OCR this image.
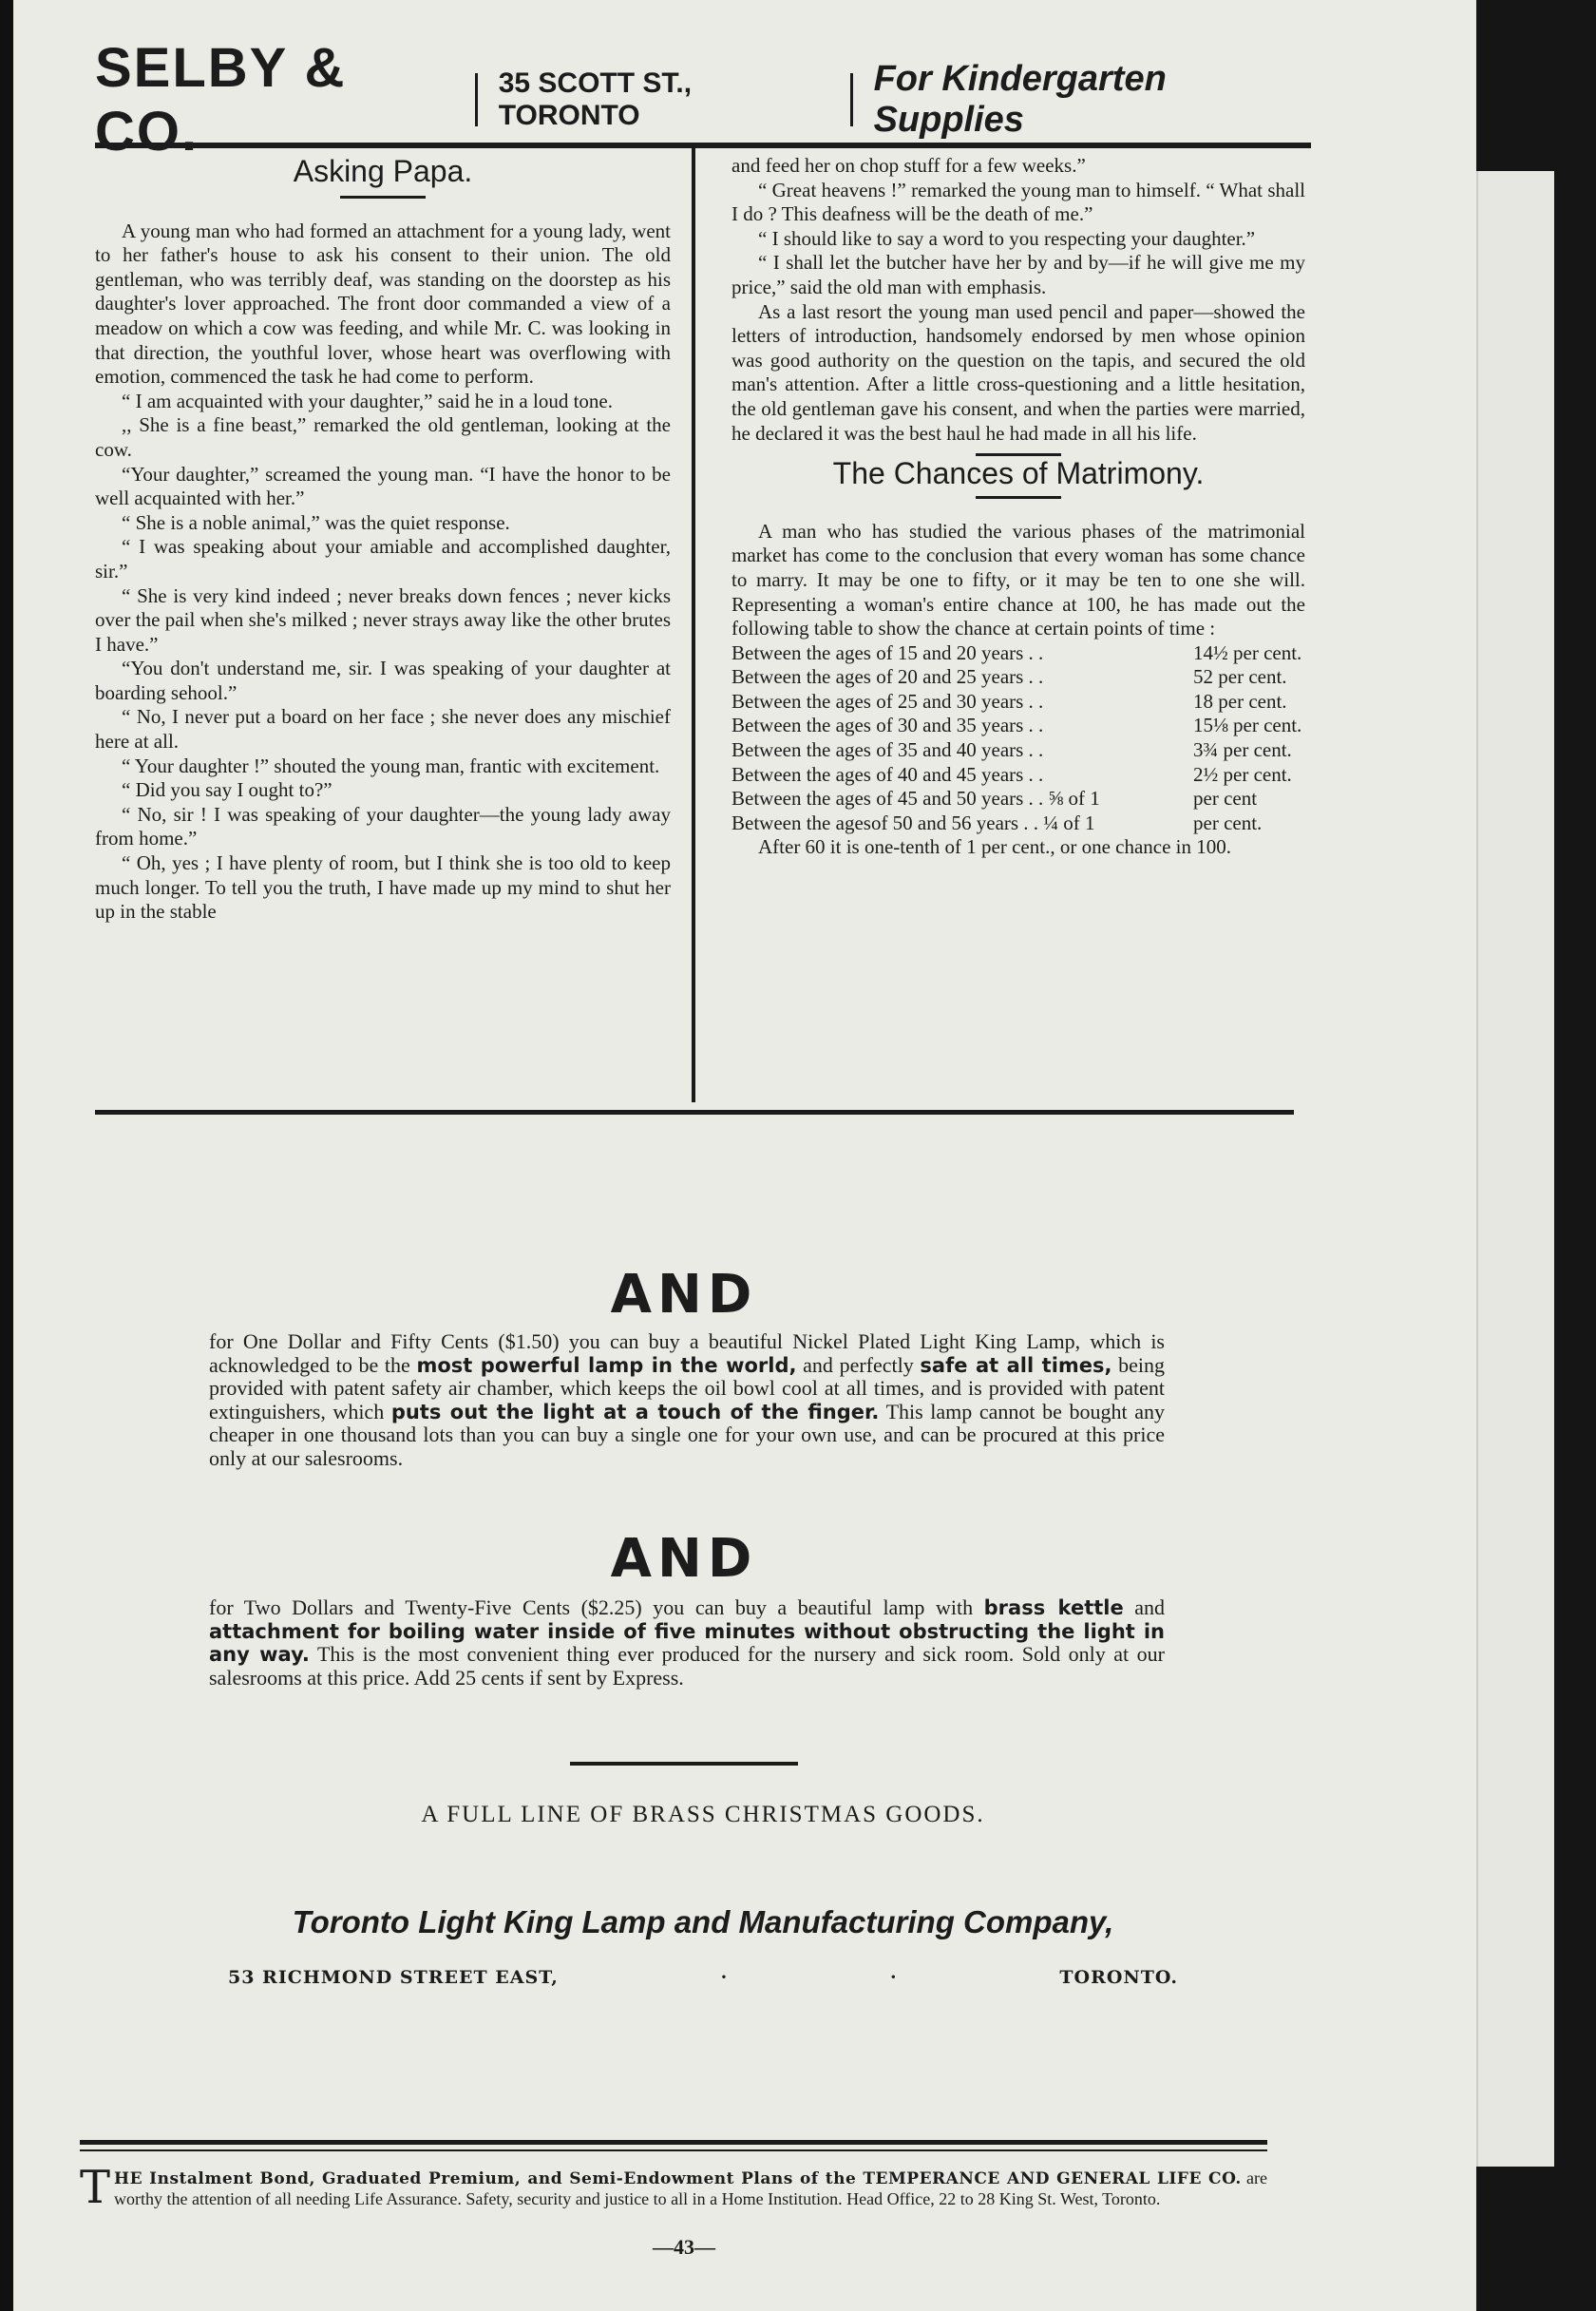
SELBY & CO.
35 SCOTT ST., TORONTO
For Kindergarten Supplies
Asking Papa.

A young man who had formed an attachment for a young lady, went to her father's house to ask his consent to their union. The old gentleman, who was terribly deaf, was standing on the doorstep as his daughter's lover approached. The front door commanded a view of a meadow on which a cow was feeding, and while Mr. C. was looking in that direction, the youthful lover, whose heart was overflowing with emotion, commenced the task he had come to perform.

“ I am acquainted with your daughter,” said he in a loud tone.

,, She is a fine beast,” remarked the old gentleman, looking at the cow.

“Your daughter,” screamed the young man. “I have the honor to be well acquainted with her.”

“ She is a noble animal,” was the quiet response.

“ I was speaking about your amiable and accomplished daughter, sir.”

“ She is very kind indeed ; never breaks down fences ; never kicks over the pail when she's milked ; never strays away like the other brutes I have.”

“You don't understand me, sir. I was speaking of your daughter at boarding sehool.”

“ No, I never put a board on her face ; she never does any mischief here at all.

“ Your daughter !” shouted the young man, frantic with excitement.

“ Did you say I ought to?”

“ No, sir ! I was speaking of your daughter—the young lady away from home.”

“ Oh, yes ; I have plenty of room, but I think she is too old to keep much longer. To tell you the truth, I have made up my mind to shut her up in the stable

and feed her on chop stuff for a few weeks.”

“ Great heavens !” remarked the young man to himself. “ What shall I do ? This deafness will be the death of me.”

“ I should like to say a word to you respecting your daughter.”

“ I shall let the butcher have her by and by—if he will give me my price,” said the old man with emphasis.

As a last resort the young man used pencil and paper—showed the letters of introduction, handsomely endorsed by men whose opinion was good authority on the question on the tapis, and secured the old man's attention. After a little cross-questioning and a little hesitation, the old gentleman gave his consent, and when the parties were married, he declared it was the best haul he had made in all his life.

The Chances of Matrimony.

A man who has studied the various phases of the matrimonial market has come to the conclusion that every woman has some chance to marry. It may be one to fifty, or it may be ten to one she will. Representing a woman's entire chance at 100, he has made out the following table to show the chance at certain points of time :

Between the ages of 15 and 20 years . .	14½ per cent.
Between the ages of 20 and 25 years . .	52 per cent.
Between the ages of 25 and 30 years . .	18 per cent.
Between the ages of 30 and 35 years . .	15⅛ per cent.
Between the ages of 35 and 40 years . .	3¾ per cent.
Between the ages of 40 and 45 years . .	2½ per cent.
Between the ages of 45 and 50 years . . ⅝ of 1	per cent
Between the agesof 50 and 56 years . . ¼ of 1	per cent.

After 60 it is one-tenth of 1 per cent., or one chance in 100.

AND
for One Dollar and Fifty Cents ($1.50) you can buy a beautiful Nickel Plated Light King Lamp, which is acknowledged to be the most powerful lamp in the world, and perfectly safe at all times, being provided with patent safety air chamber, which keeps the oil bowl cool at all times, and is provided with patent extinguishers, which puts out the light at a touch of the finger. This lamp cannot be bought any cheaper in one thousand lots than you can buy a single one for your own use, and can be procured at this price only at our salesrooms.
AND
for Two Dollars and Twenty-Five Cents ($2.25) you can buy a beautiful lamp with brass kettle and attachment for boiling water inside of five minutes without obstructing the light in any way. This is the most convenient thing ever produced for the nursery and sick room. Sold only at our salesrooms at this price. Add 25 cents if sent by Express.
A FULL LINE OF BRASS CHRISTMAS GOODS.
Toronto Light King Lamp and Manufacturing Company,
53 RICHMOND STREET EAST,	·	·	TORONTO.
T HE Instalment Bond, Graduated Premium, and Semi-Endowment Plans of the TEMPERANCE AND GENERAL LIFE CO. are worthy the attention of all needing Life Assurance. Safety, security and justice to all in a Home Institution. Head Office, 22 to 28 King St. West, Toronto.
—43—
